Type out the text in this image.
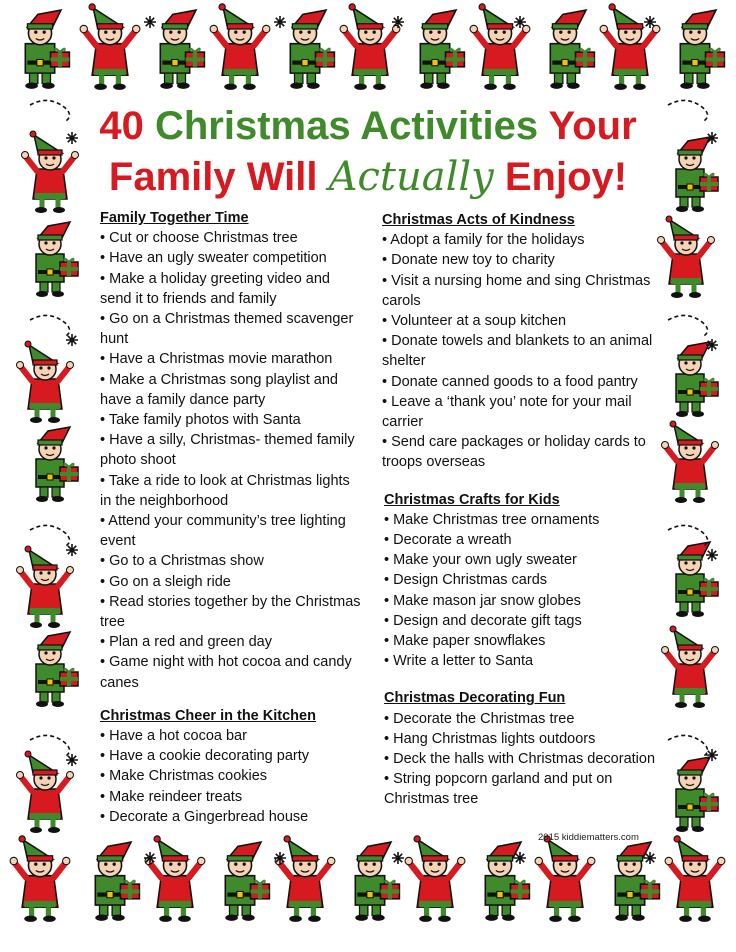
40 Christmas Activities Your
Family Will Actually Enjoy!

Family Together Time

• Cut or choose Christmas tree

• Have an ugly sweater competition

• Make a holiday greeting video and send it to friends and family

• Go on a Christmas themed scavenger hunt

• Have a Christmas movie marathon

• Make a Christmas song playlist and have a family dance party

• Take family photos with Santa

• Have a silly, Christmas- themed family photo shoot

• Take a ride to look at Christmas lights in the neighborhood

• Attend your community’s tree lighting event

• Go to a Christmas show

• Go on a sleigh ride

• Read stories together by the Christmas tree

• Plan a red and green day

• Game night with hot cocoa and candy canes

Christmas Cheer in the Kitchen

• Have a hot cocoa bar

• Have a cookie decorating party

• Make Christmas cookies

• Make reindeer treats

• Decorate a Gingerbread house

Christmas Acts of Kindness

• Adopt a family for the holidays

• Donate new toy to charity

• Visit a nursing home and sing Christmas carols

• Volunteer at a soup kitchen

• Donate towels and blankets to an animal shelter

• Donate canned goods to a food pantry

• Leave a ‘thank you’ note for your mail carrier

• Send care packages or holiday cards to troops overseas

Christmas Crafts for Kids

• Make Christmas tree ornaments

• Decorate a wreath

• Make your own ugly sweater

• Design Christmas cards

• Make mason jar snow globes

• Design and decorate gift tags

• Make paper snowflakes

• Write a letter to Santa

Christmas Decorating Fun

• Decorate the Christmas tree

• Hang Christmas lights outdoors

• Deck the halls with Christmas decoration

• String popcorn garland and put on Christmas tree

2015 kiddiematters.com
